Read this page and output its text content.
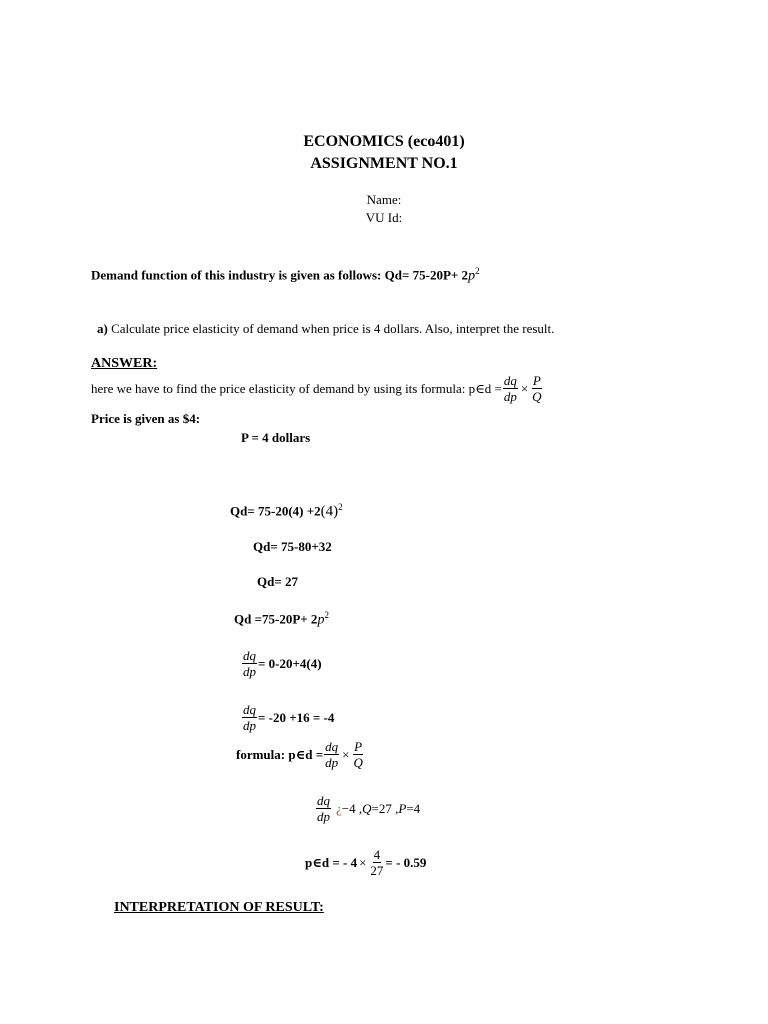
ECONOMICS (eco401)
ASSIGNMENT NO.1
Name:
VU Id:
Demand function of this industry is given as follows: $Qd= 75-20P+ 2p^2$
a) Calculate price elasticity of demand when price is 4 dollars. Also, interpret the result.
ANSWER:
here we have to find the price elasticity of demand by using its formula: p∈d = $\frac{dq}{dp} \times \frac{P}{Q}$
Price is given as $4:
P = 4 dollars
$Qd= 75-20(4) +2(4)^2$
Qd= 75-80+32
Qd= 27
$Qd =75-20P+ 2p^2$
$\frac{dq}{dp} = 0-20+4(4)$
$\frac{dq}{dp} = -20 +16 = -4$
formula : p∈d = $\frac{dq}{dp} \times \frac{P}{Q}$
$\frac{dq}{dp}$ ¿ −4 , Q =27 , P =4
p∈d = - $4 \times \frac{4}{27}$ = - 0.59
INTERPRETATION OF RESULT:
